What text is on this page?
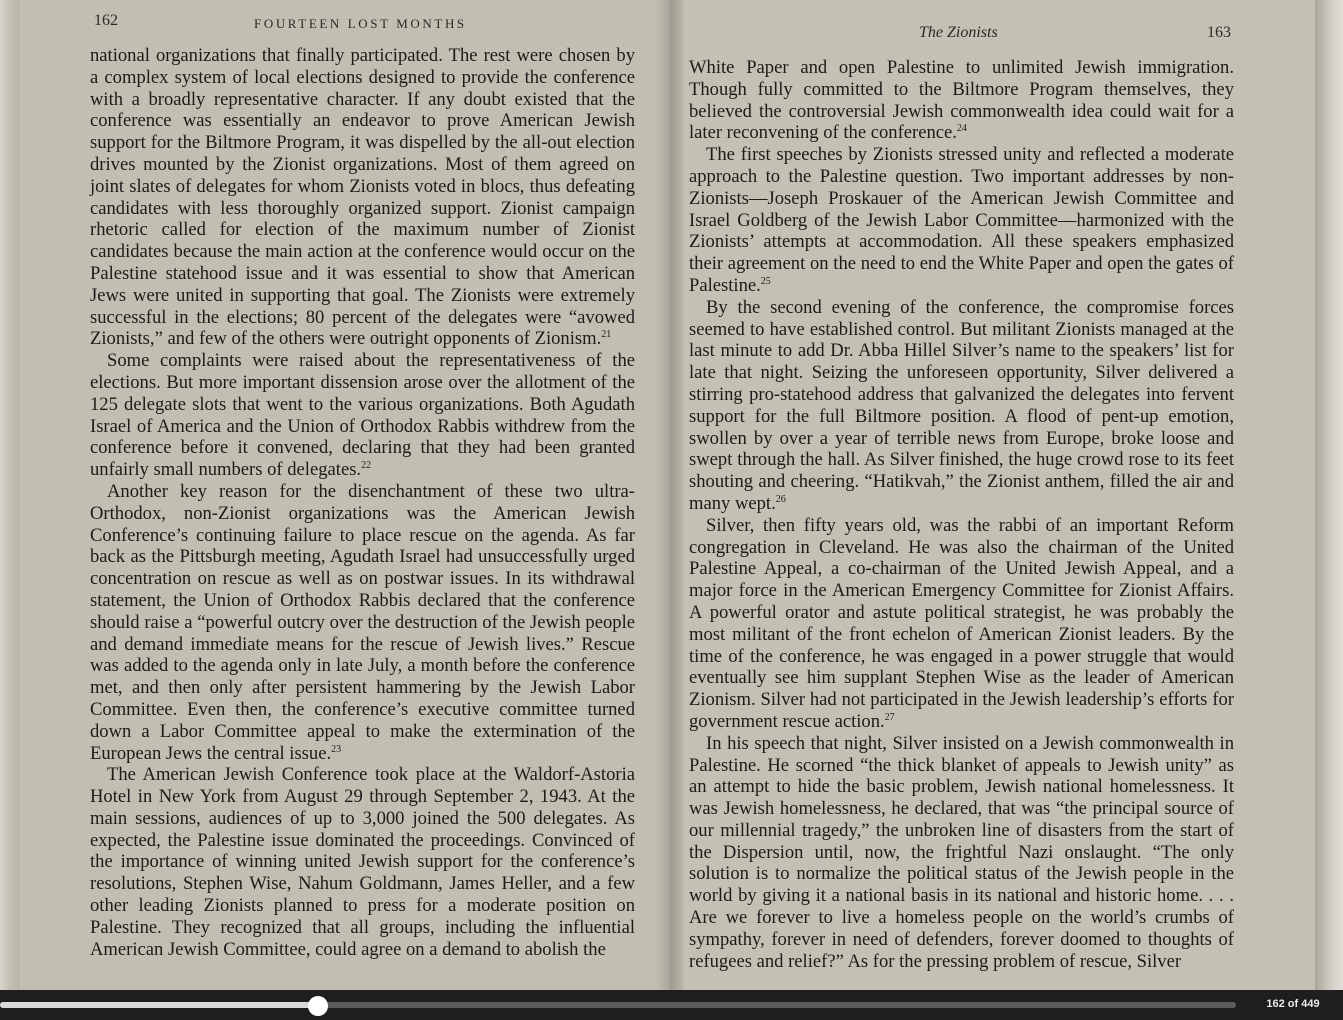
162	FOURTEEN LOST MONTHS

national organizations that finally participated. The rest were chosen by a complex system of local elections designed to provide the conference with a broadly representative character. If any doubt existed that the conference was essentially an endeavor to prove American Jewish support for the Biltmore Program, it was dispelled by the all-out election drives mounted by the Zionist organizations. Most of them agreed on joint slates of delegates for whom Zionists voted in blocs, thus defeating candidates with less thoroughly organized support. Zionist campaign rhetoric called for election of the maximum number of Zionist candidates because the main action at the conference would occur on the Palestine statehood issue and it was essential to show that American Jews were united in supporting that goal. The Zionists were extremely successful in the elections; 80 percent of the delegates were “avowed Zionists,” and few of the others were outright opponents of Zionism.$^{21}$

Some complaints were raised about the representativeness of the elections. But more important dissension arose over the allotment of the 125 delegate slots that went to the various organizations. Both Agudath Israel of America and the Union of Orthodox Rabbis withdrew from the conference before it convened, declaring that they had been granted unfairly small numbers of delegates.$^{22}$

Another key reason for the disenchantment of these two ultra-Orthodox, non-Zionist organizations was the American Jewish Conference’s continuing failure to place rescue on the agenda. As far back as the Pittsburgh meeting, Agudath Israel had unsuccessfully urged concentration on rescue as well as on postwar issues. In its withdrawal statement, the Union of Orthodox Rabbis declared that the conference should raise a “powerful outcry over the destruction of the Jewish people and demand immediate means for the rescue of Jewish lives.” Rescue was added to the agenda only in late July, a month before the conference met, and then only after persistent hammering by the Jewish Labor Committee. Even then, the conference’s executive committee turned down a Labor Committee appeal to make the extermination of the European Jews the central issue.$^{23}$

The American Jewish Conference took place at the Waldorf-Astoria Hotel in New York from August 29 through September 2, 1943. At the main sessions, audiences of up to 3,000 joined the 500 delegates. As expected, the Palestine issue dominated the proceedings. Convinced of the importance of winning united Jewish support for the conference’s resolutions, Stephen Wise, Nahum Goldmann, James Heller, and a few other leading Zionists planned to press for a moderate position on Palestine. They recognized that all groups, including the influential American Jewish Committee, could agree on a demand to abolish the

The Zionists	163

White Paper and open Palestine to unlimited Jewish immigration. Though fully committed to the Biltmore Program themselves, they believed the controversial Jewish commonwealth idea could wait for a later reconvening of the conference.$^{24}$

The first speeches by Zionists stressed unity and reflected a moderate approach to the Palestine question. Two important addresses by non-Zionists—Joseph Proskauer of the American Jewish Committee and Israel Goldberg of the Jewish Labor Committee—harmonized with the Zionists’ attempts at accommodation. All these speakers emphasized their agreement on the need to end the White Paper and open the gates of Palestine.$^{25}$

By the second evening of the conference, the compromise forces seemed to have established control. But militant Zionists managed at the last minute to add Dr. Abba Hillel Silver’s name to the speakers’ list for late that night. Seizing the unforeseen opportunity, Silver delivered a stirring pro-statehood address that galvanized the delegates into fervent support for the full Biltmore position. A flood of pent-up emotion, swollen by over a year of terrible news from Europe, broke loose and swept through the hall. As Silver finished, the huge crowd rose to its feet shouting and cheering. “Hatikvah,” the Zionist anthem, filled the air and many wept.$^{26}$

Silver, then fifty years old, was the rabbi of an important Reform congregation in Cleveland. He was also the chairman of the United Palestine Appeal, a co-chairman of the United Jewish Appeal, and a major force in the American Emergency Committee for Zionist Affairs. A powerful orator and astute political strategist, he was probably the most militant of the front echelon of American Zionist leaders. By the time of the conference, he was engaged in a power struggle that would eventually see him supplant Stephen Wise as the leader of American Zionism. Silver had not participated in the Jewish leadership’s efforts for government rescue action.$^{27}$

In his speech that night, Silver insisted on a Jewish commonwealth in Palestine. He scorned “the thick blanket of appeals to Jewish unity” as an attempt to hide the basic problem, Jewish national homelessness. It was Jewish homelessness, he declared, that was “the principal source of our millennial tragedy,” the unbroken line of disasters from the start of the Dispersion until, now, the frightful Nazi onslaught. “The only solution is to normalize the political status of the Jewish people in the world by giving it a national basis in its national and historic home. . . . Are we forever to live a homeless people on the world’s crumbs of sympathy, forever in need of defenders, forever doomed to thoughts of refugees and relief?” As for the pressing problem of rescue, Silver

162 of 449
